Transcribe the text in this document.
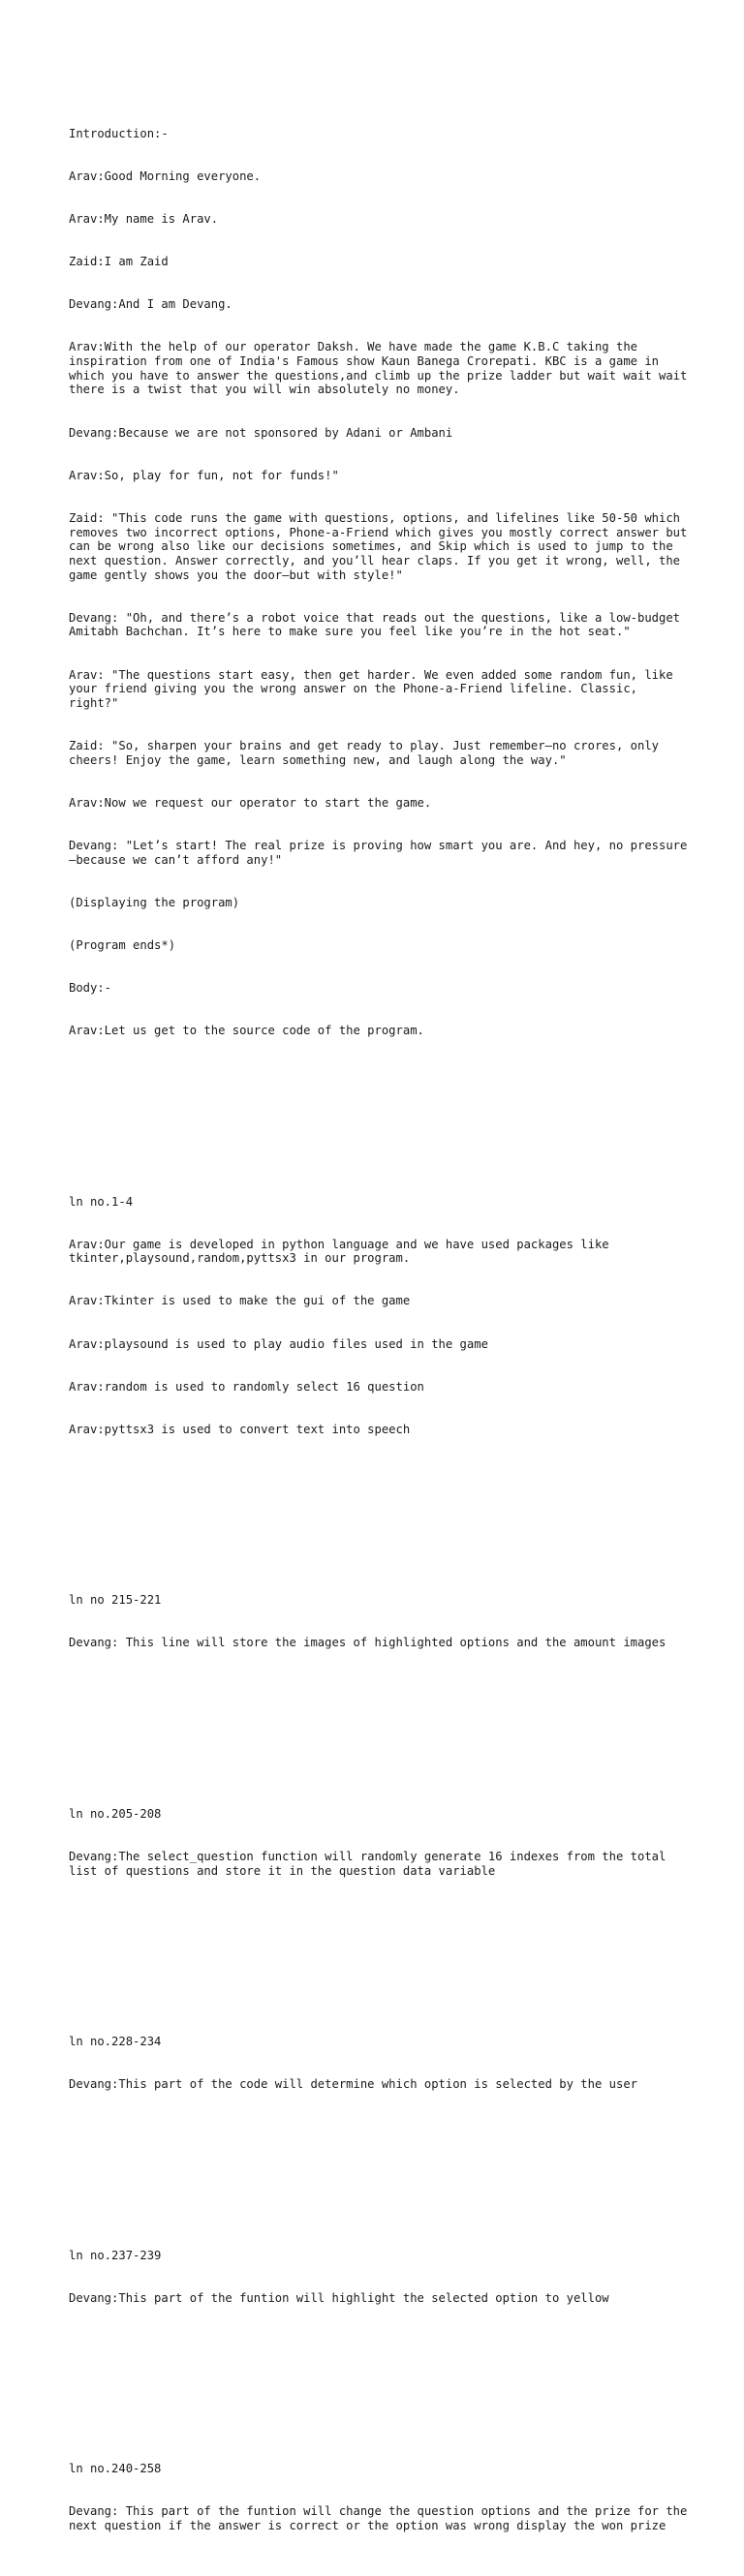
Introduction:-

Arav:Good Morning everyone.

Arav:My name is Arav.

Zaid:I am Zaid

Devang:And I am Devang.

Arav:With the help of our operator Daksh. We have made the game K.B.C taking the inspiration from one of India's Famous show Kaun Banega Crorepati. KBC is a game in which you have to answer the questions,and climb up the prize ladder but wait wait wait there is a twist that you will win absolutely no money.

Devang:Because we are not sponsored by Adani or Ambani

Arav:So, play for fun, not for funds!"

Zaid: "This code runs the game with questions, options, and lifelines like 50-50 which removes two incorrect options, Phone-a-Friend which gives you mostly correct answer but can be wrong also like our decisions sometimes, and Skip which is used to jump to the next question. Answer correctly, and you’ll hear claps. If you get it wrong, well, the game gently shows you the door—but with style!"

Devang: "Oh, and there’s a robot voice that reads out the questions, like a low-budget Amitabh Bachchan. It’s here to make sure you feel like you’re in the hot seat."

Arav: "The questions start easy, then get harder. We even added some random fun, like your friend giving you the wrong answer on the Phone-a-Friend lifeline. Classic, right?"

Zaid: "So, sharpen your brains and get ready to play. Just remember—no crores, only cheers! Enjoy the game, learn something new, and laugh along the way."

Arav:Now we request our operator to start the game.

Devang: "Let’s start! The real prize is proving how smart you are. And hey, no pressure—because we can’t afford any!"

(Displaying the program)

(Program ends*)

Body:-

Arav:Let us get to the source code of the program.

ln no.1-4

Arav:Our game is developed in python language and we have used packages like tkinter,playsound,random,pyttsx3 in our program.

Arav:Tkinter is used to make the gui of the game

Arav:playsound is used to play audio files used in the game

Arav:random is used to randomly select 16 question

Arav:pyttsx3 is used to convert text into speech

ln no 215-221

Devang: This line will store the images of highlighted options and the amount images

ln no.205-208

Devang:The select_question function will randomly generate 16 indexes from the total list of questions and store it in the question data variable

ln no.228-234

Devang:This part of the code will determine which option is selected by the user

ln no.237-239

Devang:This part of the funtion will highlight the selected option to yellow

ln no.240-258

Devang: This part of the funtion will change the question options and the prize for the next question if the answer is correct or the option was wrong display the won prize
